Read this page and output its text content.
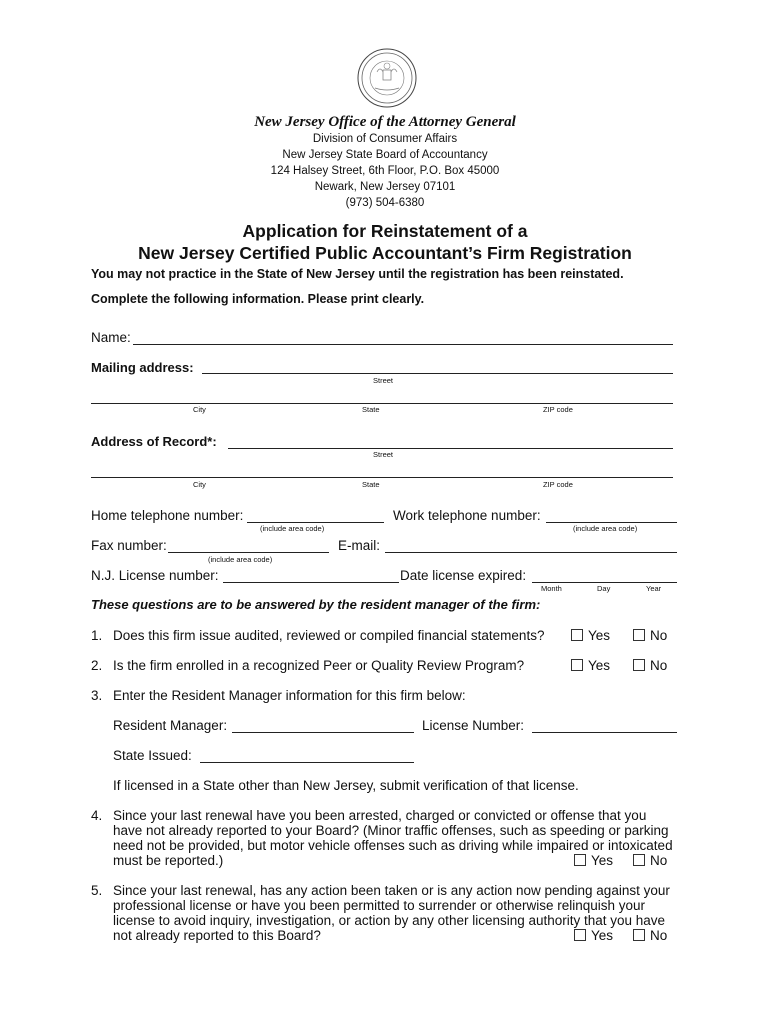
New Jersey Office of the Attorney General
Division of Consumer Affairs
New Jersey State Board of Accountancy
124 Halsey Street, 6th Floor, P.O. Box 45000
Newark, New Jersey 07101
(973) 504-6380
Application for Reinstatement of a
New Jersey Certified Public Accountant’s Firm Registration
You may not practice in the State of New Jersey until the registration has been reinstated.
Complete the following information. Please print clearly.
Name:
Mailing address:
Street
City	State	ZIP code
Address of Record*:
Street
City	State	ZIP code
Home telephone number:
(include area code)
Work telephone number:
(include area code)
Fax number:
(include area code)
E-mail:
N.J. License number:	Date license expired:
Month	Day	Year
These questions are to be answered by the resident manager of the firm:
1. Does this firm issue audited, reviewed or compiled financial statements?	Yes	No
2. Is the firm enrolled in a recognized Peer or Quality Review Program?	Yes	No
3. Enter the Resident Manager information for this firm below:
Resident Manager:	License Number:
State Issued:
If licensed in a State other than New Jersey, submit verification of that license.
4. Since your last renewal have you been arrested, charged or convicted or offense that you
have not already reported to your Board? (Minor traffic offenses, such as speeding or parking
need not be provided, but motor vehicle offenses such as driving while impaired or intoxicated
must be reported.)	Yes	No
5. Since your last renewal, has any action been taken or is any action now pending against your
professional license or have you been permitted to surrender or otherwise relinquish your
license to avoid inquiry, investigation, or action by any other licensing authority that you have
not already reported to this Board?	Yes	No
